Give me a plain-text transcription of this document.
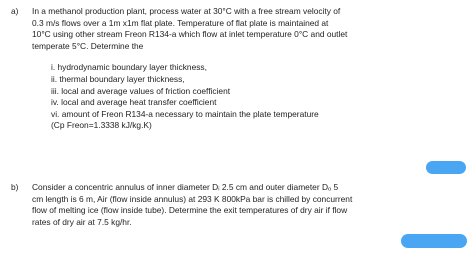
a) In a methanol production plant, process water at 30°C with a free stream velocity of
0.3 m/s flows over a 1m x1m flat plate. Temperature of flat plate is maintained at
10°C using other stream Freon R134-a which flow at inlet temperature 0°C and outlet
temperate 5°C. Determine the
i. hydrodynamic boundary layer thickness,
ii. thermal boundary layer thickness,
iii. local and average values of friction coefficient
iv. local and average heat transfer coefficient
vi. amount of Freon R134-a necessary to maintain the plate temperature
(Cp Freon=1.3338 kJ/kg.K)
b) Consider a concentric annulus of inner diameter Dᵢ 2.5 cm and outer diameter Dₒ 5
cm length is 6 m, Air (flow inside annulus) at 293 K 800kPa bar is chilled by concurrent
flow of melting ice (flow inside tube). Determine the exit temperatures of dry air if flow
rates of dry air at 7.5 kg/hr.
